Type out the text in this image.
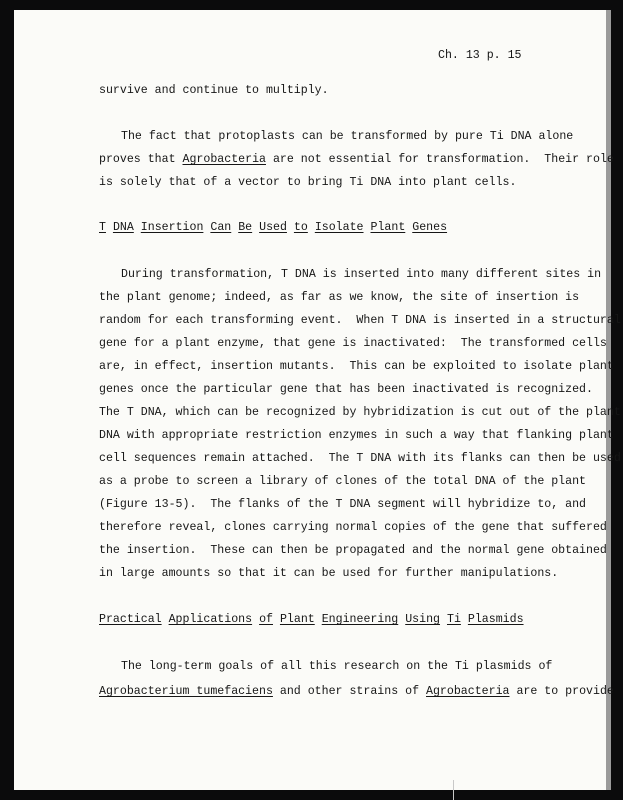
Ch. 13 p. 15

survive and continue to multiply.

The fact that protoplasts can be transformed by pure Ti DNA alone

proves that Agrobacteria are not essential for transformation.  Their role

is solely that of a vector to bring Ti DNA into plant cells.

T DNA Insertion Can Be Used to Isolate Plant Genes

During transformation, T DNA is inserted into many different sites in

the plant genome; indeed, as far as we know, the site of insertion is

random for each transforming event.  When T DNA is inserted in a structural

gene for a plant enzyme, that gene is inactivated:  The transformed cells

are, in effect, insertion mutants.  This can be exploited to isolate plant

genes once the particular gene that has been inactivated is recognized.

The T DNA, which can be recognized by hybridization is cut out of the plant

DNA with appropriate restriction enzymes in such a way that flanking plant

cell sequences remain attached.  The T DNA with its flanks can then be used

as a probe to screen a library of clones of the total DNA of the plant

(Figure 13-5).  The flanks of the T DNA segment will hybridize to, and

therefore reveal, clones carrying normal copies of the gene that suffered

the insertion.  These can then be propagated and the normal gene obtained

in large amounts so that it can be used for further manipulations.

Practical Applications of Plant Engineering Using Ti Plasmids

The long-term goals of all this research on the Ti plasmids of

Agrobacterium tumefaciens and other strains of Agrobacteria are to provide
